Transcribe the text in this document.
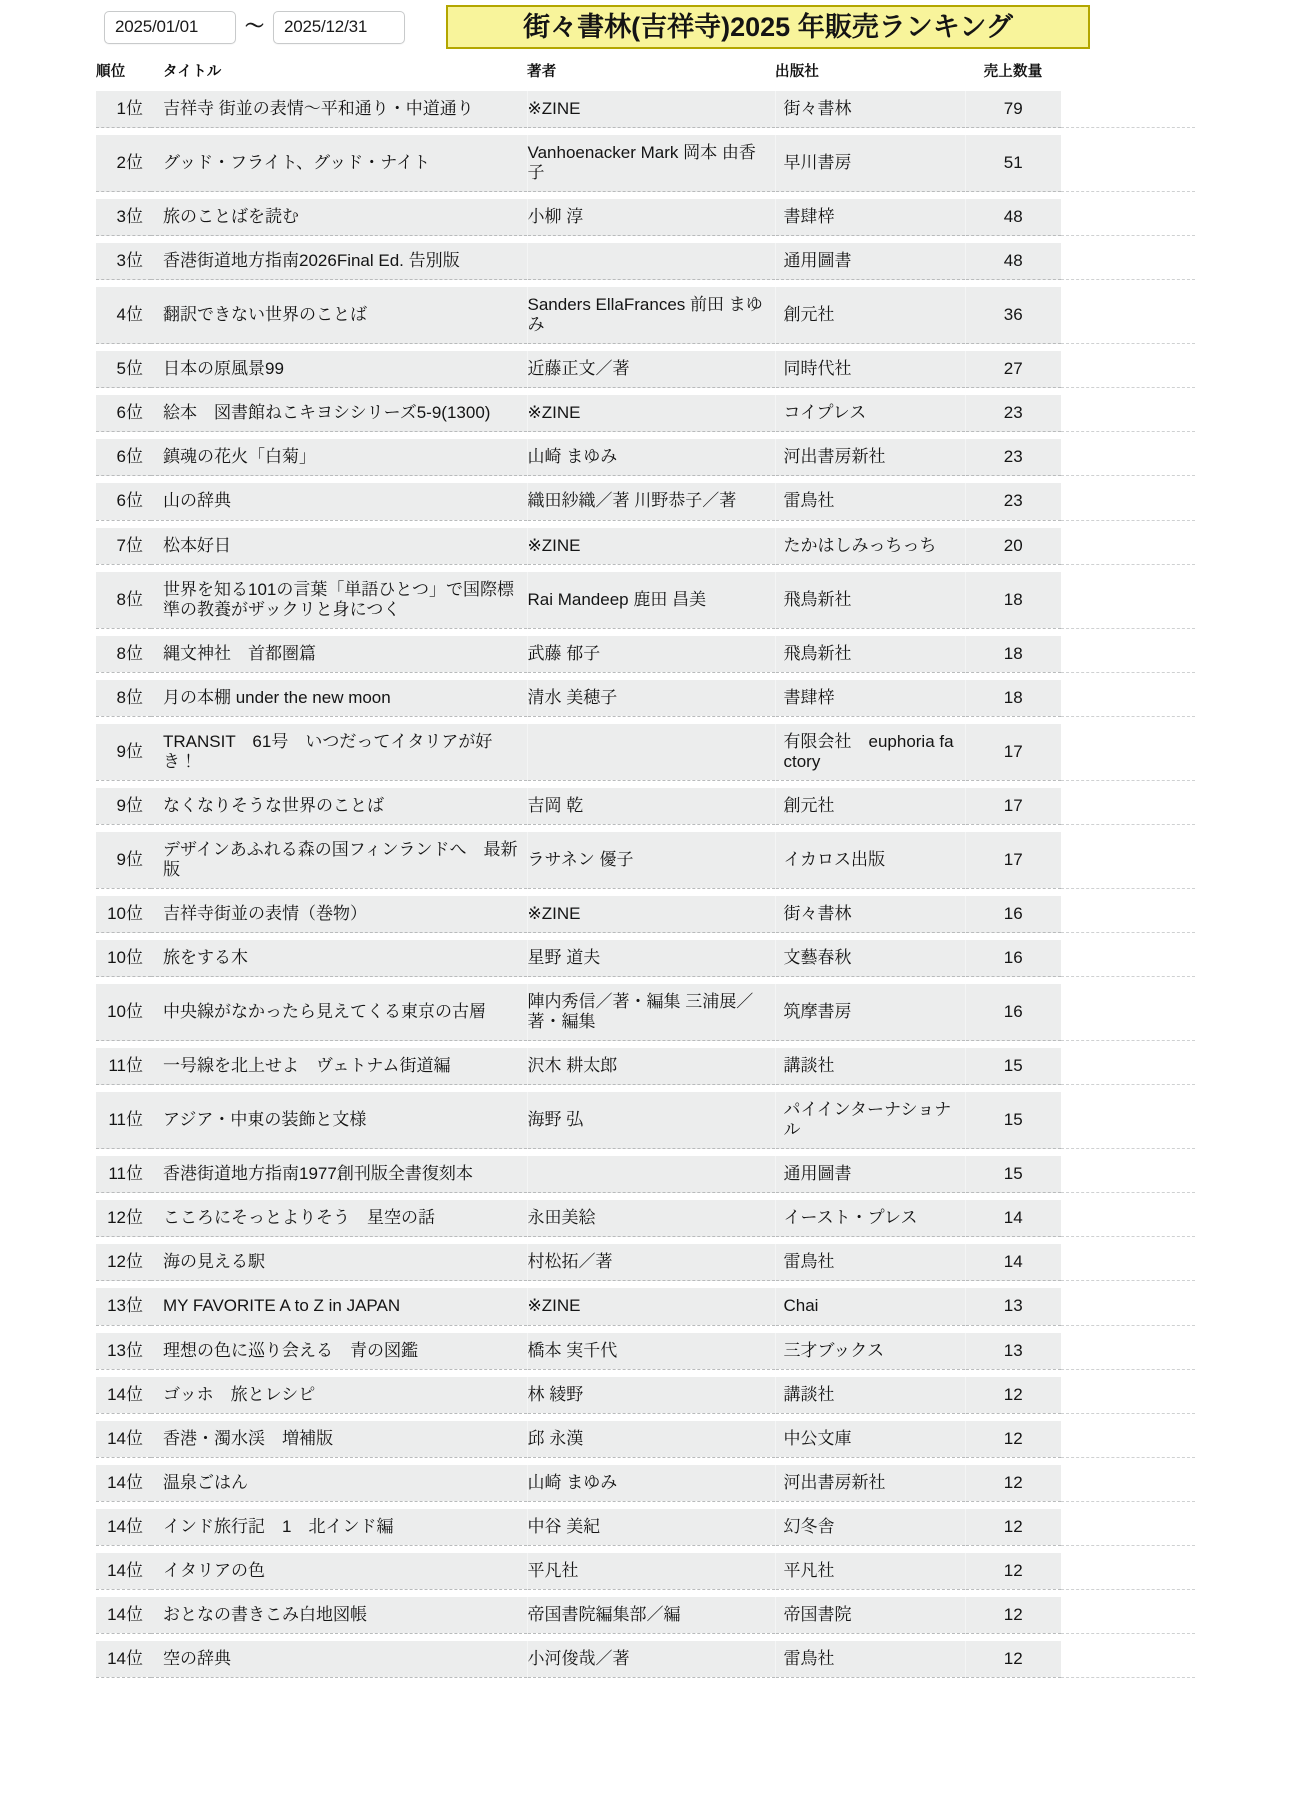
2025/01/01	〜	2025/12/31	街々書林(吉祥寺)2025 年販売ランキング
順位	タイトル	著者	出版社	売上数量	
1位	吉祥寺 街並の表情〜平和通り・中道通り	※ZINE	街々書林	79	

2位	グッド・フライト、グッド・ナイト	Vanhoenacker Mark 岡本 由香子	早川書房	51	

3位	旅のことばを読む	小柳 淳	書肆梓	48	

3位	香港街道地方指南2026Final Ed. 告別版		通用圖書	48	

4位	翻訳できない世界のことば	Sanders EllaFrances 前田 まゆみ	創元社	36	

5位	日本の原風景99	近藤正文／著	同時代社	27	

6位	絵本　図書館ねこキヨシシリーズ5-9(1300)	※ZINE	コイプレス	23	

6位	鎮魂の花火「白菊」	山崎 まゆみ	河出書房新社	23	

6位	山の辞典	織田紗織／著 川野恭子／著	雷鳥社	23	

7位	松本好日	※ZINE	たかはしみっちっち	20	

8位	世界を知る101の言葉「単語ひとつ」で国際標準の教養がザックリと身につく	Rai Mandeep 鹿田 昌美	飛鳥新社	18	

8位	縄文神社　首都圏篇	武藤 郁子	飛鳥新社	18	

8位	月の本棚 under the new moon	清水 美穂子	書肆梓	18	

9位	TRANSIT　61号　いつだってイタリアが好き！		有限会社　euphoria factory	17	

9位	なくなりそうな世界のことば	吉岡 乾	創元社	17	

9位	デザインあふれる森の国フィンランドへ　最新版	ラサネン 優子	イカロス出版	17	

10位	吉祥寺街並の表情（巻物）	※ZINE	街々書林	16	

10位	旅をする木	星野 道夫	文藝春秋	16	

10位	中央線がなかったら見えてくる東京の古層	陣内秀信／著・編集 三浦展／著・編集	筑摩書房	16	

11位	一号線を北上せよ　ヴェトナム街道編	沢木 耕太郎	講談社	15	

11位	アジア・中東の装飾と文様	海野 弘	パイインターナショナル	15	

11位	香港街道地方指南1977創刊版全書復刻本		通用圖書	15	

12位	こころにそっとよりそう　星空の話	永田美絵	イースト・プレス	14	

12位	海の見える駅	村松拓／著	雷鳥社	14	

13位	MY FAVORITE A to Z in JAPAN	※ZINE	Chai	13	

13位	理想の色に巡り会える　青の図鑑	橋本 実千代	三才ブックス	13	

14位	ゴッホ　旅とレシピ	林 綾野	講談社	12	

14位	香港・濁水渓　増補版	邱 永漢	中公文庫	12	

14位	温泉ごはん	山崎 まゆみ	河出書房新社	12	

14位	インド旅行記　1　北インド編	中谷 美紀	幻冬舎	12	

14位	イタリアの色	平凡社	平凡社	12	

14位	おとなの書きこみ白地図帳	帝国書院編集部／編	帝国書院	12	

14位	空の辞典	小河俊哉／著	雷鳥社	12	
